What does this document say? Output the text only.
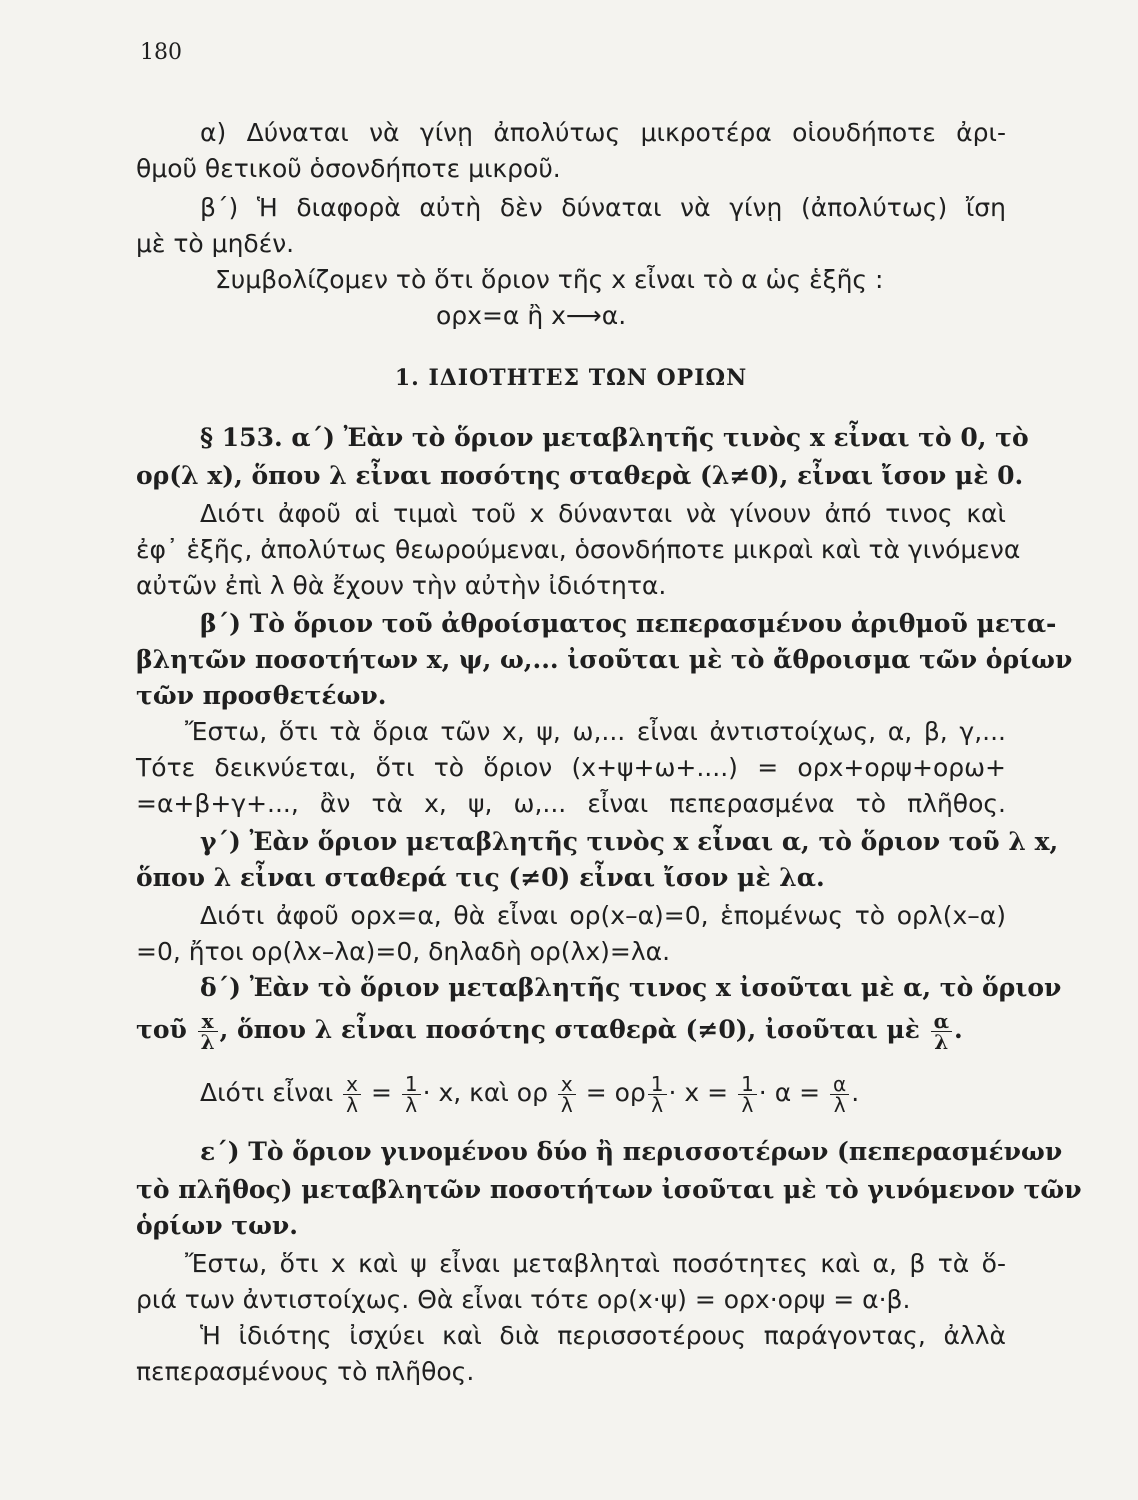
180
α) Δύναται νὰ γίνῃ ἀπολύτως μικροτέρα οἱουδήποτε ἀρι-
θμοῦ θετικοῦ ὁσονδήποτε μικροῦ.
β΄) Ἡ διαφορὰ αὐτὴ δὲν δύναται νὰ γίνῃ (ἀπολύτως) ἴση
μὲ τὸ μηδέν.
Συμβολίζομεν τὸ ὅτι ὅριον τῆς x εἶναι τὸ α ὡς ἑξῆς :
ορx=α ἢ x⟶α.
1. ΙΔΙΟΤΗΤΕΣ ΤΩΝ ΟΡΙΩΝ
§ 153. α΄) Ἐὰν τὸ ὅριον μεταβλητῆς τινὸς x εἶναι τὸ 0, τὸ
ορ(λ x), ὅπου λ εἶναι ποσότης σταθερὰ (λ≠0), εἶναι ἴσον μὲ 0.
Διότι ἀφοῦ αἱ τιμαὶ τοῦ x δύνανται νὰ γίνουν ἀπό τινος καὶ
ἐφ᾽ ἑξῆς, ἀπολύτως θεωρούμεναι, ὁσονδήποτε μικραὶ καὶ τὰ γινόμενα
αὐτῶν ἐπὶ λ θὰ ἔχουν τὴν αὐτὴν ἰδιότητα.
β΄) Τὸ ὅριον τοῦ ἀθροίσματος πεπερασμένου ἀριθμοῦ μετα-
βλητῶν ποσοτήτων x, ψ, ω,... ἰσοῦται μὲ τὸ ἄθροισμα τῶν ὁρίων
τῶν προσθετέων.
Ἔστω, ὅτι τὰ ὅρια τῶν x, ψ, ω,... εἶναι ἀντιστοίχως, α, β, γ,...
Τότε δεικνύεται, ὅτι τὸ ὅριον (x+ψ+ω+....) = ορx+ορψ+ορω+
=α+β+γ+..., ἂν τὰ x, ψ, ω,... εἶναι πεπερασμένα τὸ πλῆθος.
γ΄) Ἐὰν ὅριον μεταβλητῆς τινὸς x εἶναι α, τὸ ὅριον τοῦ λ x,
ὅπου λ εἶναι σταθερά τις (≠0) εἶναι ἴσον μὲ λα.
Διότι ἀφοῦ ορx=α, θὰ εἶναι ορ(x–α)=0, ἑπομένως τὸ ορλ(x–α)
=0, ἤτοι ορ(λx–λα)=0, δηλαδὴ ορ(λx)=λα.
δ΄) Ἐὰν τὸ ὅριον μεταβλητῆς τινος x ἰσοῦται μὲ α, τὸ ὅριον
τοῦ $\frac{x}{\lambda}$ , ὅπου λ εἶναι ποσότης σταθερὰ (≠0), ἰσοῦται μὲ $\frac{\alpha}{\lambda}$ .
Διότι εἶναι $\frac{x}{\lambda} = \frac{1}{\lambda} \cdot x$, καὶ ορ $\frac{x}{\lambda} = o\rho \frac{1}{\lambda} \cdot x = \frac{1}{\lambda} \cdot \alpha = \frac{\alpha}{\lambda}$ .
ε΄) Τὸ ὅριον γινομένου δύο ἢ περισσοτέρων (πεπερασμένων
τὸ πλῆθος) μεταβλητῶν ποσοτήτων ἰσοῦται μὲ τὸ γινόμενον τῶν
ὁρίων των.
Ἔστω, ὅτι x καὶ ψ εἶναι μεταβληταὶ ποσότητες καὶ α, β τὰ ὅ-
ριά των ἀντιστοίχως. Θὰ εἶναι τότε ορ(x·ψ) = ορx·ορψ = α·β.
Ἡ ἰδιότης ἰσχύει καὶ διὰ περισσοτέρους παράγοντας, ἀλλὰ
πεπερασμένους τὸ πλῆθος.
